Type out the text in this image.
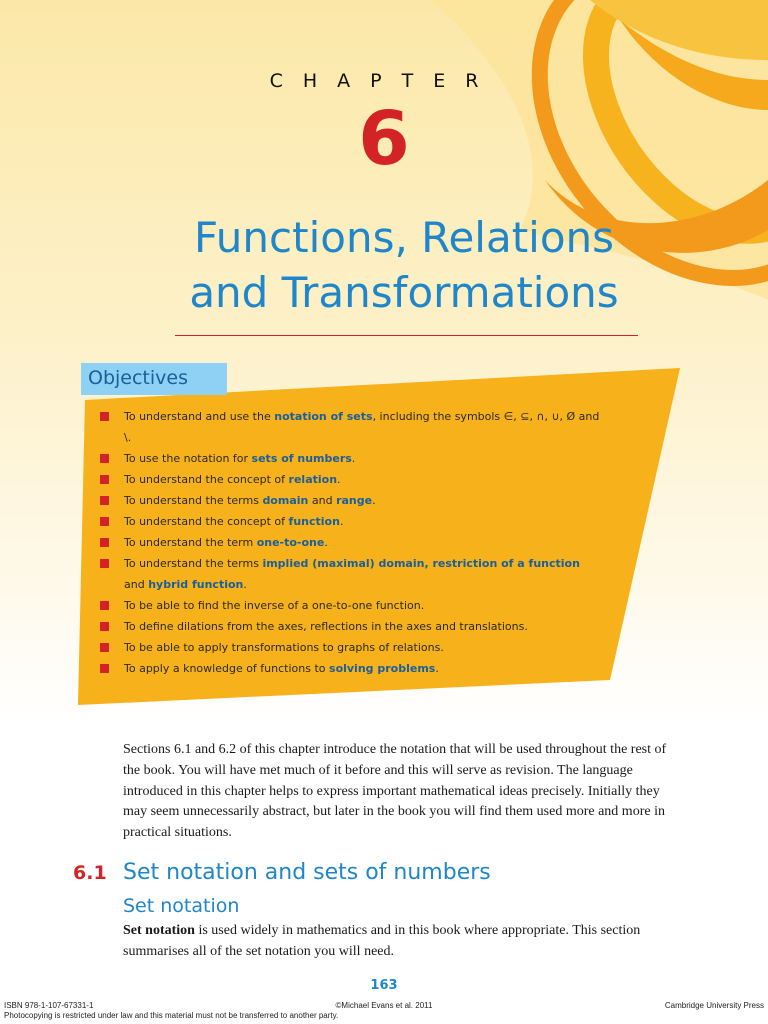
CHAPTER
6
Functions, Relations
and Transformations
Objectives
To understand and use the notation of sets, including the symbols ∈, ⊆, ∩, ∪, Ø and \.
To use the notation for sets of numbers.
To understand the concept of relation.
To understand the terms domain and range.
To understand the concept of function.
To understand the term one-to-one.
To understand the terms implied (maximal) domain, restriction of a function and hybrid function.
To be able to find the inverse of a one-to-one function.
To define dilations from the axes, reflections in the axes and translations.
To be able to apply transformations to graphs of relations.
To apply a knowledge of functions to solving problems.

Sections 6.1 and 6.2 of this chapter introduce the notation that will be used throughout the rest of the book. You will have met much of it before and this will serve as revision. The language introduced in this chapter helps to express important mathematical ideas precisely. Initially they may seem unnecessarily abstract, but later in the book you will find them used more and more in practical situations.

6.1 Set notation and sets of numbers
Set notation

Set notation is used widely in mathematics and in this book where appropriate. This section summarises all of the set notation you will need.

163
ISBN 978-1-107-67331-1	©Michael Evans et al. 2011	Cambridge University Press
Photocopying is restricted under law and this material must not be transferred to another party.
